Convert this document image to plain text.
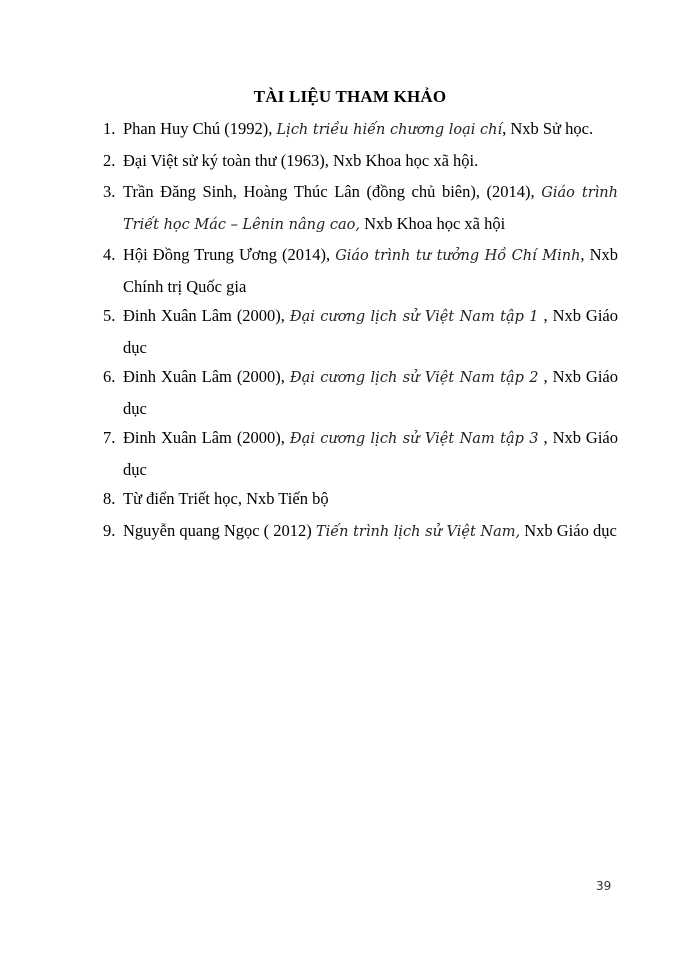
TÀI LIỆU THAM KHẢO
1. Phan Huy Chú (1992), Lịch triều hiến chương loại chí, Nxb Sử học.
2. Đại Việt sử ký toàn thư (1963), Nxb Khoa học xã hội.
3. Trần Đăng Sinh, Hoàng Thúc Lân (đồng chủ biên), (2014), Giáo trình Triết học Mác – Lênin nâng cao, Nxb Khoa học xã hội
4. Hội Đồng Trung Ương (2014), Giáo trình tư tưởng Hồ Chí Minh, Nxb Chính trị Quốc gia
5. Đinh Xuân Lâm (2000), Đại cương lịch sử Việt Nam tập 1 , Nxb Giáo dục
6. Đinh Xuân Lâm (2000), Đại cương lịch sử Việt Nam tập 2 , Nxb Giáo dục
7. Đinh Xuân Lâm (2000), Đại cương lịch sử Việt Nam tập 3 , Nxb Giáo dục
8. Từ điển Triết học, Nxb Tiến bộ
9. Nguyễn quang Ngọc ( 2012) Tiến trình lịch sử Việt Nam, Nxb Giáo dục
39
